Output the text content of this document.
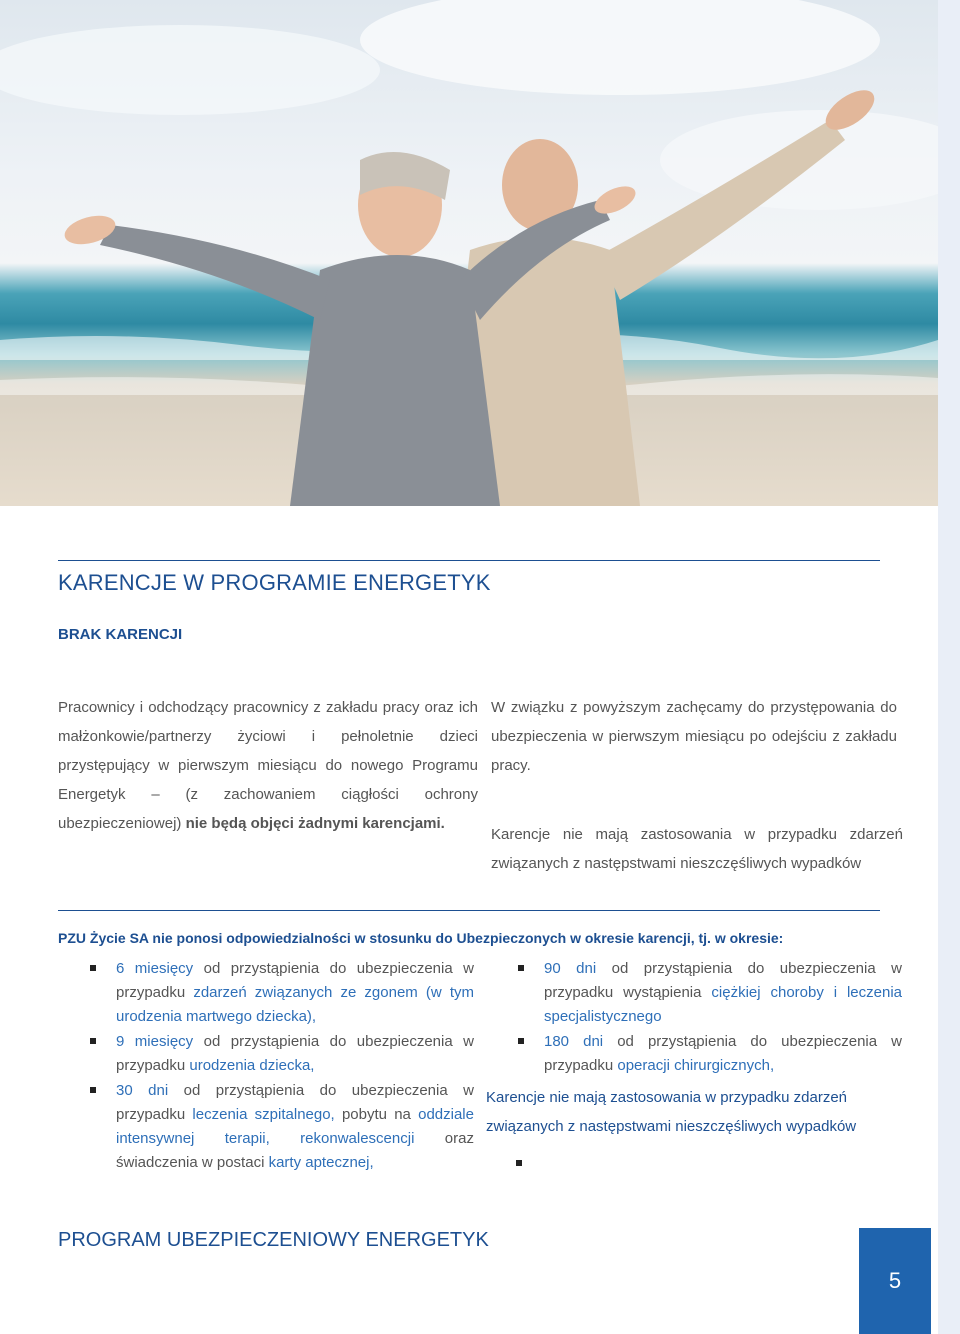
KARENCJE W PROGRAMIE ENERGETYK
BRAK KARENCJI

Pracownicy i odchodzący pracownicy z zakładu pracy oraz ich małżonkowie/partnerzy życiowi i pełnoletnie dzieci przystępujący w pierwszym miesiącu do nowego Programu Energetyk – (z zachowaniem ciągłości ochrony ubezpieczeniowej) nie będą objęci żadnymi karencjami.

W związku z powyższym zachęcamy do przystępowania do ubezpieczenia w pierwszym miesiącu po odejściu z zakładu pracy.

Karencje nie mają zastosowania w przypadku zdarzeń związanych z następstwami nieszczęśliwych wypadków

PZU Życie SA nie ponosi odpowiedzialności w stosunku do Ubezpieczonych w okresie karencji, tj. w okresie:

6 miesięcy od przystąpienia do ubezpieczenia w przypadku zdarzeń związanych ze zgonem (w tym urodzenia martwego dziecka),
9 miesięcy od przystąpienia do ubezpieczenia w przypadku urodzenia dziecka,
30 dni od przystąpienia do ubezpieczenia w przypadku leczenia szpitalnego, pobytu na oddziale intensywnej terapii, rekonwalescencji oraz świadczenia w postaci karty aptecznej,
90 dni od przystąpienia do ubezpieczenia w przypadku wystąpienia ciężkiej choroby i leczenia specjalistycznego
180 dni od przystąpienia do ubezpieczenia w przypadku operacji chirurgicznych,

Karencje nie mają zastosowania w przypadku zdarzeń związanych z następstwami nieszczęśliwych wypadków

PROGRAM UBEZPIECZENIOWY ENERGETYK
5
